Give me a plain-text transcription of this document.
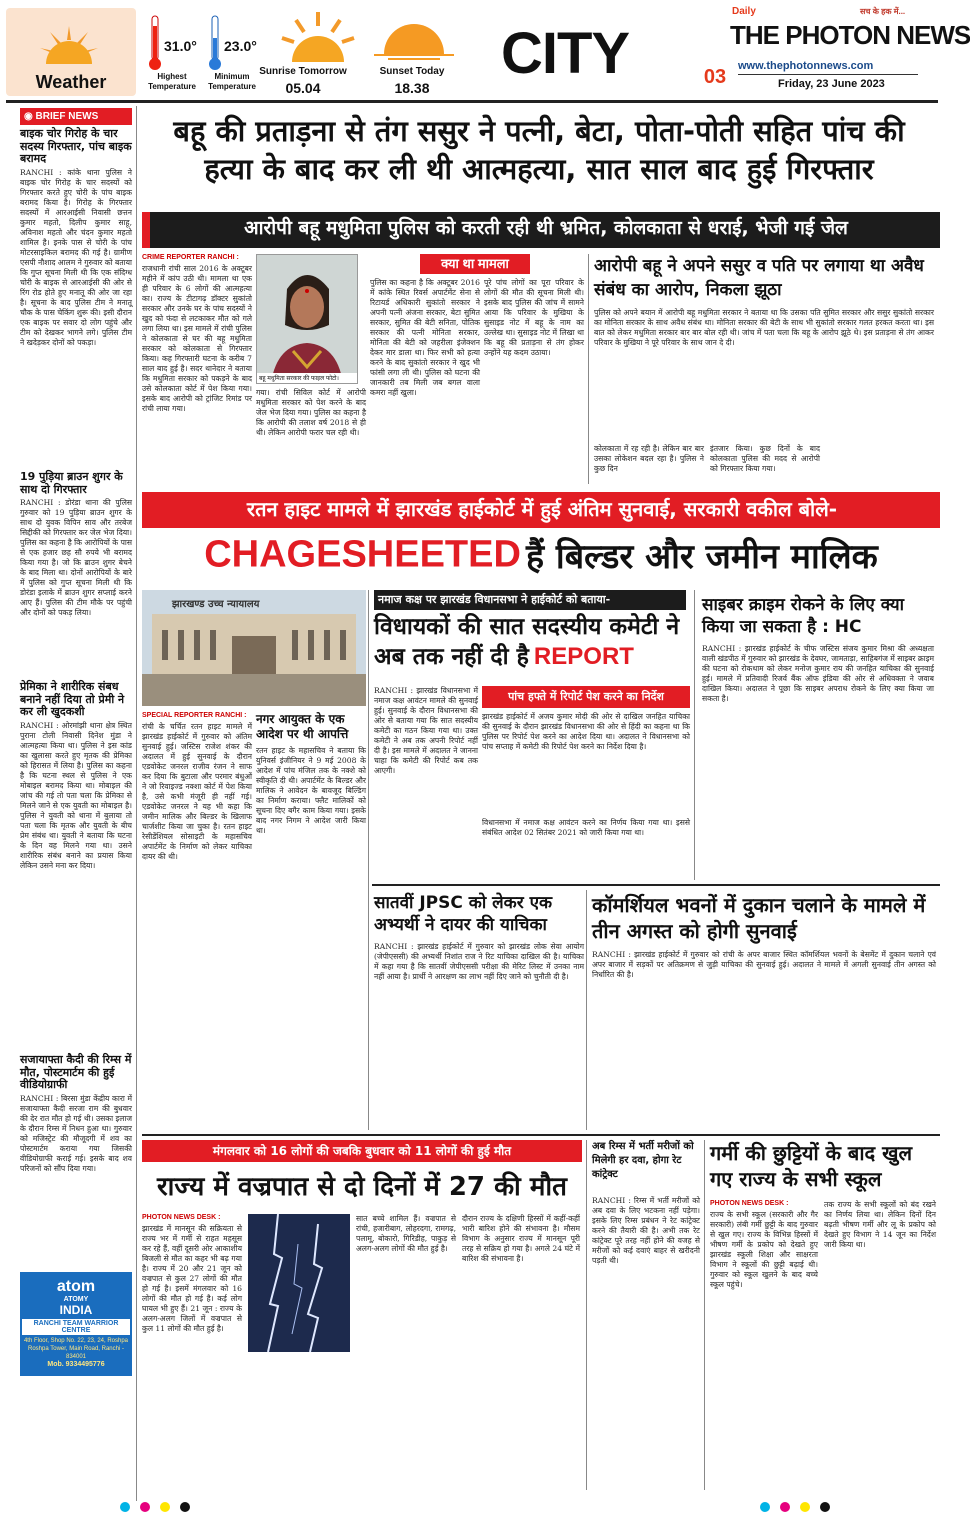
Weather
31.0°
Highest Temperature
23.0°
Minimum Temperature
Sunrise Tomorrow
05.04
Sunset Today
18.38
CITY
Daily	सच के हक में...
THE PHOTON NEWS
03	www.thephotonnews.com
Friday, 23 June 2023
◉ BRIEF NEWS
बाइक चोर गिरोह के चार सदस्य गिरफ्तार, पांच बाइक बरामद
RANCHI : कांके थाना पुलिस ने बाइक चोर गिरोह के चार सदस्यों को गिरफ्तार करते हुए चोरी के पांच बाइक बरामद किया है। गिरोह के गिरफ्तार सदस्यों में आरआईसी निवासी छत्तन कुमार महतो, दिलीप कुमार साहू, अविनाश महतो और चंदन कुमार महतो शामिल है। इनके पास से चोरी के पांच मोटरसाइकिल बरामद की गई है। ग्रामीण एसपी नौशाद आलम ने गुरुवार को बताया कि गुप्त सूचना मिली थी कि एक संदिग्ध चोरी के बाइक से आरआईसी की ओर से रिंग रोड होते हुए मनातू की ओर जा रहा है। सूचना के बाद पुलिस टीम ने मनातू चौक के पास चेकिंग शुरू की। इसी दौरान एक बाइक पर सवार दो लोग पहुंचे और टीम को देखकर भागने लगे। पुलिस टीम ने खदेड़कर दोनों को पकड़ा।
19 पुड़िया ब्राउन शुगर के साथ दो गिरफ्तार
RANCHI : डोरंडा थाना की पुलिस गुरुवार को 19 पुड़िया ब्राउन शुगर के साथ दो युवक विपिन साव और तरबेज सिद्दीकी को गिरफ्तार कर जेल भेज दिया। पुलिस का कहना है कि आरोपियों के पास से एक हजार छह सौ रुपये भी बरामद किया गया है। जो कि ब्राउन शुगर बेचने के बाद मिला था। दोनों आरोपियों के बारे में पुलिस को गुप्त सूचना मिली थी कि डोरंडा इलाके में ब्राउन शुगर सप्लाई करने आए हैं। पुलिस की टीम मौके पर पहुंची और दोनों को पकड़ लिया।
प्रेमिका ने शारीरिक संबध बनाने नहीं दिया तो प्रेमी ने कर ली खुदकशी
RANCHI : ओरमांझी थाना क्षेत्र स्थित पुराना टोली निवासी दिनेश मुंडा ने आत्महत्या किया था। पुलिस ने इस कांड का खुलासा करते हुए मृतक की प्रेमिका को हिरासत में लिया है। पुलिस का कहना है कि घटना स्थल से पुलिस ने एक मोबाइल बरामद किया था। मोबाइल की जांच की गई तो पता चला कि प्रेमिका से मिलने जाने से एक युवती का मोबाइल है। पुलिस ने युवती को थाना में बुलाया तो पता चला कि मृतक और युवती के बीच प्रेम संबंध था। युवती ने बताया कि घटना के दिन वह मिलने गया था। उसने शारीरिक संबंध बनाने का प्रयास किया लेकिन उसने मना कर दिया।
सजायाफ्ता कैदी की रिम्स में मौत, पोस्टमार्टम की हुई वीडियोग्राफी
RANCHI : बिरसा मुंडा केंद्रीय कारा में सजायाफ्ता कैदी सरजा राम की बुधवार की देर रात मौत हो गई थी। उसका इलाज के दौरान रिम्स में निधन हुआ था। गुरुवार को मजिस्ट्रेट की मौजूदगी में शव का पोस्टमार्टम कराया गया जिसकी वीडियोग्राफी कराई गई। इसके बाद शव परिजनों को सौंप दिया गया।
atom
ATOMY
INDIA
RANCHI TEAM WARRIOR CENTRE
4th Floor, Shop No. 22, 23, 24, Roshpa Roshpa Tower, Main Road, Ranchi - 834001
Mob. 9334495776
बहू की प्रताड़ना से तंग ससुर ने पत्नी, बेटा, पोता-पोती सहित पांच की हत्या के बाद कर ली थी आत्महत्या, सात साल बाद हुई गिरफ्तार
आरोपी बहू मधुमिता पुलिस को करती रही थी भ्रमित, कोलकाता से धराई, भेजी गई जेल
CRIME REPORTER RANCHI :
राजधानी रांची साल 2016 के अक्टूबर महीने में कांप उठी थी। मामला था एक ही परिवार के 6 लोगों की आत्महत्या का। राज्य के टीटागढ़ डॉक्टर सुकांतो सरकार और उनके घर के पांच सदस्यों ने खुद को फंदा से लटकाकर मौत को गले लगा लिया था। इस मामले में रांची पुलिस ने कोलकाता से घर की बहू मधुमिता सरकार को कोलकाता से गिरफ्तार किया। कह गिरफ्तारी घटना के करीब 7 साल बाद हुई है। सदर थानेदार ने बताया कि मधुमिता सरकार को पकड़ने के बाद उसे कोलकाता कोर्ट में पेश किया गया। इसके बाद आरोपी को ट्रांजिट रिमांड पर रांची लाया गया।
बहू मधुमिता सरकार की फाइल फोटो।
गया। रांची सिविल कोर्ट में आरोपी मधुमिता सरकार को पेश करने के बाद जेल भेज दिया गया। पुलिस का कहना है कि आरोपी की तलाश वर्ष 2018 से ही थी। लेकिन आरोपी फरार चल रही थी।
क्या था मामला
पुलिस का कहना है कि अक्टूबर 2016 में कांके स्थित रिवर्स अपार्टमेंट सेना से रिटायर्ड अधिकारी सुकांतो सरकार ने अपनी पत्नी अंजना सरकार, बेटा सुमित सरकार, सुमित की बेटी सनिता, पोतिक सरकार की पत्नी मोनिता सरकार, मोनिता की बेटी को जहरीला इंजेक्शन देकर मार डाला था। फिर सभी को हत्या करने के बाद सुकांतो सरकार ने खुद भी फांसी लगा ली थी। पुलिस को घटना की जानकारी तब मिली जब बगल वाला कमरा नहीं खुला।
पूरे पांच लोगों का पूरा परिवार के लोगों की मौत की सूचना मिली थी। इसके बाद पुलिस की जांच में सामने आया कि परिवार के मुखिया के सुसाइड नोट में बहू के नाम का उल्लेख था। सुसाइड नोट में लिखा था कि बहू की प्रताड़ना से तंग होकर उन्होंने यह कदम उठाया।
आरोपी बहू ने अपने ससुर व पति पर लगाया था अवैध संबंध का आरोप, निकला झूठा
पुलिस को अपने बयान में आरोपी बहू मधुमिता सरकार ने बताया था कि उसका पति सुमित सरकार और ससुर सुकांतो सरकार का मोनिता सरकार के साथ अवैध संबंध था। मोनिता सरकार की बेटी के साथ भी सुकांतो सरकार गलत हरकत करता था। इस बात को लेकर मधुमिता सरकार बार बार बोल रही थी। जांच में पता चला कि बहू के आरोप झूठे थे। इस प्रताड़ना से तंग आकर परिवार के मुखिया ने पूरे परिवार के साथ जान दे दी।
कोलकाता में रह रही है। लेकिन बार बार उसका लोकेशन बदल रहा है। पुलिस ने कुछ दिन
इंतजार किया। कुछ दिनों के बाद कोलकाता पुलिस की मदद से आरोपी को गिरफ्तार किया गया।
रतन हाइट मामले में झारखंड हाईकोर्ट में हुई अंतिम सुनवाई, सरकारी वकील बोले-
CHAGESHEETED हैं बिल्डर और जमीन मालिक
झारखण्ड उच्च न्यायालय
SPECIAL REPORTER RANCHI :
रांची के चर्चित रतन हाइट मामले में झारखंड हाईकोर्ट में गुरुवार को अंतिम सुनवाई हुई। जस्टिस राजेश शंकर की अदालत में हुई सुनवाई के दौरान एडवोकेट जनरल राजीव रंजन ने साफ कर दिया कि बुटाला और परमार बंधुओं ने जो रिवाइज्ड नक्शा कोर्ट में पेश किया है, उसे कभी मंजूरी ही नहीं गई। एडवोकेट जनरल ने यह भी कहा कि जमीन मालिक और बिल्डर के खिलाफ चार्जशीट किया जा चुका है। रतन हाइट रेसीडेंशियल सोसाइटी के महासचिव अपार्टमेंट के निर्माण को लेकर याचिका दायर की थी।
नगर आयुक्त के एक आदेश पर थी आपत्ति
रतन हाइट के महासचिव ने बताया कि युनिवर्स इंजीनियर ने 9 मई 2008 के आदेश में पांच मंजिल तक के नक्शे को स्वीकृति दी थी। अपार्टमेंट के बिल्डर और मालिक ने आवेदन के बावजूद बिल्डिंग का निर्माण कराया। फ्लैट मालिकों को सूचना दिए बगैर काम किया गया। इसके बाद नगर निगम ने आदेश जारी किया था।
नमाज कक्ष पर झारखंड विधानसभा ने हाईकोर्ट को बताया-
विधायकों की सात सदस्यीय कमेटी ने अब तक नहीं दी है REPORT
RANCHI : झारखंड विधानसभा में नमाज कक्ष आवंटन मामले की सुनवाई हुई। सुनवाई के दौरान विधानसभा की ओर से बताया गया कि सात सदस्यीय कमेटी का गठन किया गया था। उक्त कमेटी ने अब तक अपनी रिपोर्ट नहीं दी है। इस मामले में अदालत ने जानना चाहा कि कमेटी की रिपोर्ट कब तक आएगी।
पांच हफ्ते में रिपोर्ट पेश करने का निर्देश
झारखंड हाईकोर्ट में अजय कुमार मोदी की ओर से दाखिल जनहित याचिका की सुनवाई के दौरान झारखंड विधानसभा की ओर से हिंदी का कहना था कि पुलिस पर रिपोर्ट पेश करने का आदेश दिया था। अदालत ने विधानसभा को पांच सप्ताह में कमेटी की रिपोर्ट पेश करने का निर्देश दिया है।
विधानसभा में नमाज कक्ष आवंटन करने का निर्णय किया गया था। इससे संबंधित आदेश 02 सितंबर 2021 को जारी किया गया था।
साइबर क्राइम रोकने के लिए क्या किया जा सकता है : HC
RANCHI : झारखंड हाईकोर्ट के चीफ जस्टिस संजय कुमार मिश्रा की अध्यक्षता वाली खंडपीठ में गुरुवार को झारखंड के देवघर, जामताड़ा, साहिबगंज में साइबर क्राइम की घटना को रोकथाम को लेकर मनोज कुमार राय की जनहित याचिका की सुनवाई हुई। मामले में प्रतिवादी रिजर्व बैंक ऑफ इंडिया की ओर से अधिवक्ता ने जवाब दाखिल किया। अदालत ने पूछा कि साइबर अपराध रोकने के लिए क्या किया जा सकता है।
सातवीं JPSC को लेकर एक अभ्यर्थी ने दायर की याचिका
RANCHI : झारखंड हाईकोर्ट में गुरुवार को झारखंड लोक सेवा आयोग (जेपीएससी) की अभ्यर्थी निशांत राज ने रिट याचिका दाखिल की है। याचिका में कहा गया है कि सातवीं जेपीएससी परीक्षा की मेरिट लिस्ट में उनका नाम नहीं आया है। प्रार्थी ने आरक्षण का लाभ नहीं दिए जाने को चुनौती दी है।
कॉमर्शियल भवनों में दुकान चलाने के मामले में तीन अगस्त को होगी सुनवाई
RANCHI : झारखंड हाईकोर्ट में गुरुवार को रांची के अपर बाजार स्थित कॉमर्शियल भवनों के बेसमेंट में दुकान चलाने एवं अपर बाजार में सड़कों पर अतिक्रमण से जुड़ी याचिका की सुनवाई हुई। अदालत ने मामले में अगली सुनवाई तीन अगस्त को निर्धारित की है।
मंगलवार को 16 लोगों की जबकि बुधवार को 11 लोगों की हुई मौत
राज्य में वज्रपात से दो दिनों में 27 की मौत
PHOTON NEWS DESK :
झारखंड में मानसून की सक्रियता से राज्य भर में गर्मी से राहत महसूस कर रहे हैं, वहीं दूसरी ओर आकाशीय बिजली से मौत का कहर भी बढ़ गया है। राज्य में 20 और 21 जून को वज्रपात से कुल 27 लोगों की मौत हो गई है। इसमें मंगलवार को 16 लोगों की मौत हो गई है। कई लोग घायल भी हुए हैं। 21 जून : राज्य के अलग-अलग जिलों में वज्रपात से कुल 11 लोगों की मौत हुई है।
सात बच्चे शामिल हैं। वज्रपात से रांची, हजारीबाग, लोहरदगा, रामगढ़, पलामू, बोकारो, गिरिडीह, पाकुड़ से अलग-अलग लोगों की मौत हुई है।
दौरान राज्य के दक्षिणी हिस्सों में कहीं-कहीं भारी बारिश होने की संभावना है। मौसम विभाग के अनुसार राज्य में मानसून पूरी तरह से सक्रिय हो गया है। अगले 24 घंटे में बारिश की संभावना है।
अब रिम्स में भर्ती मरीजों को मिलेगी हर दवा, होगा रेट कांट्रेक्ट
RANCHI : रिम्स में भर्ती मरीजों को अब दवा के लिए भटकना नहीं पड़ेगा। इसके लिए रिम्स प्रबंधन ने रेट कांट्रेक्ट करने की तैयारी की है। अभी तक रेट कांट्रेक्ट पूरे तरह नहीं होने की वजह से मरीजों को कई दवाएं बाहर से खरीदनी पड़ती थी।
गर्मी की छुट्टियों के बाद खुल गए राज्य के सभी स्कूल
PHOTON NEWS DESK :
राज्य के सभी स्कूल (सरकारी और गैर सरकारी) लंबी गर्मी छुट्टी के बाद गुरुवार से खुल गए। राज्य के विभिन्न हिस्सों में भीषण गर्मी के प्रकोप को देखते हुए झारखंड स्कूली शिक्षा और साक्षरता विभाग ने स्कूलों की छुट्टी बढ़ाई थी। गुरुवार को स्कूल खुलने के बाद बच्चे स्कूल पहुंचे।
तक राज्य के सभी स्कूलों को बंद रखने का निर्णय लिया था। लेकिन दिनों दिन बढ़ती भीषण गर्मी और लू के प्रकोप को देखते हुए विभाग ने 14 जून का निर्देश जारी किया था।
